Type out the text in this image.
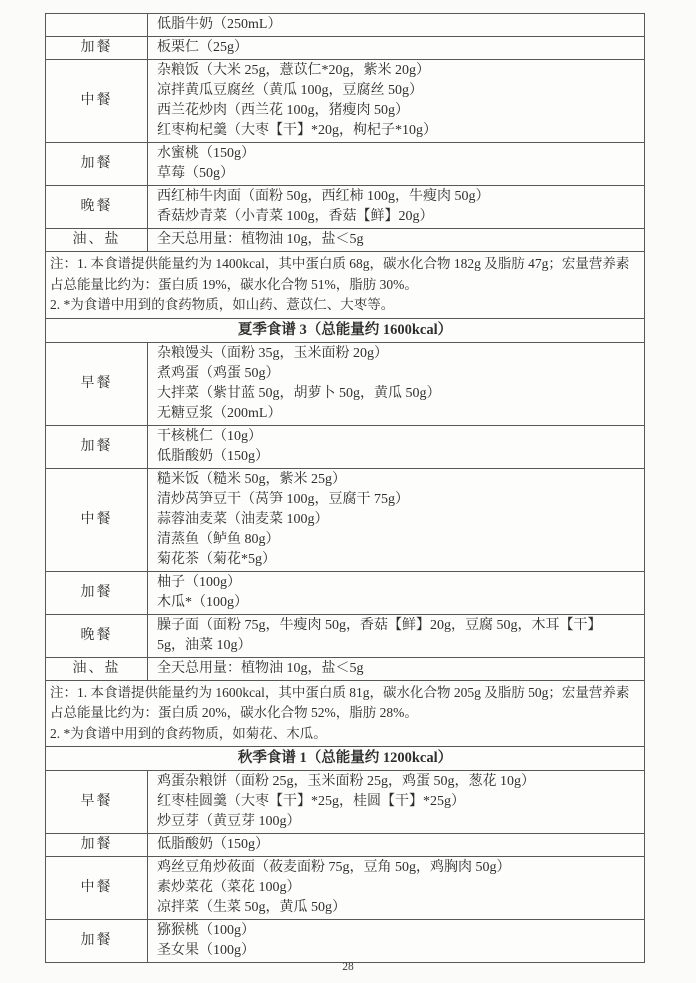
	低脂牛奶（250mL）

加餐	板栗仁（25g）

中餐	杂粮饭（大米 25g，薏苡仁*20g，紫米 20g）
凉拌黄瓜豆腐丝（黄瓜 100g，豆腐丝 50g）
西兰花炒肉（西兰花 100g，猪瘦肉 50g）
红枣枸杞羹（大枣【干】*20g，枸杞子*10g）

加餐	水蜜桃（150g）
草莓（50g）

晚餐	西红柿牛肉面（面粉 50g，西红柿 100g，牛瘦肉 50g）
香菇炒青菜（小青菜 100g，香菇【鲜】20g）

油、盐	全天总用量：植物油 10g，盐＜5g

注：1. 本食谱提供能量约为 1400kcal，其中蛋白质 68g，碳水化合物 182g 及脂肪 47g；宏量营养素占总能量比约为：蛋白质 19%，碳水化合物 51%，脂肪 30%。
2. *为食谱中用到的食药物质，如山药、薏苡仁、大枣等。	

夏季食谱 3（总能量约 1600kcal）	
早餐	杂粮馒头（面粉 35g，玉米面粉 20g）
煮鸡蛋（鸡蛋 50g）
大拌菜（紫甘蓝 50g，胡萝卜 50g，黄瓜 50g）
无糖豆浆（200mL）

加餐	干核桃仁（10g）
低脂酸奶（150g）

中餐	糙米饭（糙米 50g，紫米 25g）
清炒莴笋豆干（莴笋 100g，豆腐干 75g）
蒜蓉油麦菜（油麦菜 100g）
清蒸鱼（鲈鱼 80g）
菊花茶（菊花*5g）

加餐	柚子（100g）
木瓜*（100g）

晚餐	臊子面（面粉 75g，牛瘦肉 50g，香菇【鲜】20g，豆腐 50g，木耳【干】
5g，油菜 10g）

油、盐	全天总用量：植物油 10g，盐＜5g

注：1. 本食谱提供能量约为 1600kcal，其中蛋白质 81g，碳水化合物 205g 及脂肪 50g；宏量营养素占总能量比约为：蛋白质 20%，碳水化合物 52%，脂肪 28%。
2. *为食谱中用到的食药物质，如菊花、木瓜。	

秋季食谱 1（总能量约 1200kcal）	
早餐	鸡蛋杂粮饼（面粉 25g，玉米面粉 25g，鸡蛋 50g，葱花 10g）
红枣桂圆羹（大枣【干】*25g，桂圆【干】*25g）
炒豆芽（黄豆芽 100g）

加餐	低脂酸奶（150g）

中餐	鸡丝豆角炒莜面（莜麦面粉 75g，豆角 50g，鸡胸肉 50g）
素炒菜花（菜花 100g）
凉拌菜（生菜 50g，黄瓜 50g）

加餐	猕猴桃（100g）
圣女果（100g）
28
